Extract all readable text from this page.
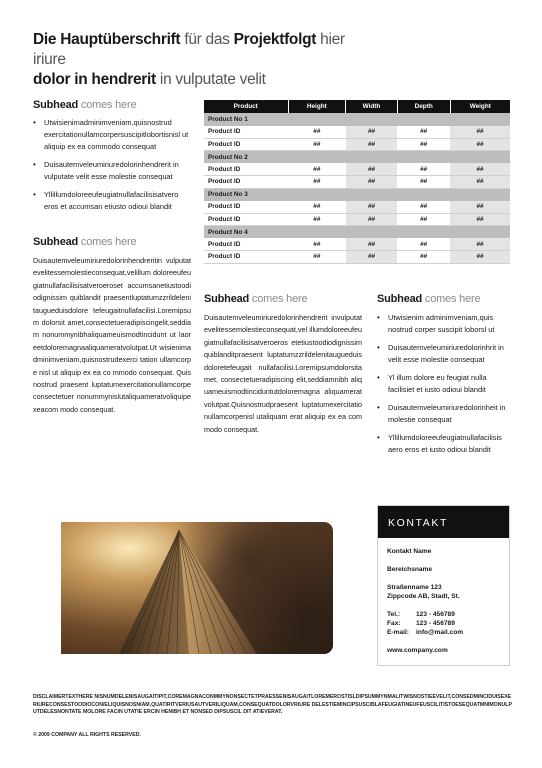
Die Hauptüberschrift für das Projektfolgt hier iriure
dolor in hendrerit in vulputate velit
Subhead comes here
• Utwisienimadminimveniam,quisnostrud exercitationullamcorpersuscipitlobortisnisl ut aliquip ex ea commodo consequat
• Duisautemveleumiriuredolorinhendrerit in vulputate velit esse molestie consequat
• Yllillumdoloreeufeugiatnullafacilisisatvero eros et accumsan etiusto odioui blandit
Subhead comes here
Duisautemveleumiriuredolorinhendreritin vulputatevelitessemolestieconsequat,velillum doloreeufeugiatnullafacilisisatveroeroset accumsanetiustoodiodignissim quiblandit praesentluptatumzzrildelenitaugueduisdolore tefeugaitnullafacilisi.Loremipsum dolorsit amet,consectetueradipiscingelit,seddiam nonummynibhaliquameuismodtincidunt ut laoreetdoloremagnaaliquameratvolutpat.Ut wisienimadminimveniam,quisnostrudexerci tation ullamcorpe nisl ut aliquip ex ea co mmodo consequat. Quis nostrud praesent luptatumexercitationullamcorpeconsectetuer nonummynislutaliquameratvoliquipexeacom modo consequat.
Product	Height	Width	Depth	Weight
Product No 1				
Product ID	##	##	##	##
Product ID	##	##	##	##
Product No 2				
Product ID	##	##	##	##
Product ID	##	##	##	##
Product No 3				
Product ID	##	##	##	##
Product ID	##	##	##	##
Product No 4				
Product ID	##	##	##	##
Product ID	##	##	##	##
Subhead comes here
Duisautemveleumiriuredolorinhendrerit invulputatevelitessemolestieconsequat,vel illumdoloreeufeugiatnullafacilisisatveroeros etetiustoodiodignissimquiblanditpraesent luptatumzzrildelenitaugueduisdoloretefeugait nullafacilisi.Loremipsumdolorsitamet, consectetueradipiscing elit,seddiamnibh aliquameuismodtinciduntutdoloremagna aliquameratvolutpat.Quisnostrudpraesent luptatumexercitationullamcorpenisl utaliquam erat aliquip ex ea com modo consequat.
Subhead comes here
• Utwisienim adminimveniam,quis nostrud corper suscipit loborsl ut
• Duisautemveleumiriuredolorinhrit in velit esse molestie consequat
• Yl illum dolore eu feugiat nulla facilisiet et iusto odioui blandit
• Duisautemveleumiriuredolorinheit in molestie consequat
• Yllillumdoloreeufeugiatnullafacilisis aero eros et iusto odioui blandit
KONTAKT
Kontakt Name
Bereichsname
Straßenname 123
Zippcode AB, Stadt, St.
Tel.: 123 - 456789
Fax: 123 - 456789
E-mail: info@mail.com
www.company.com
DISCLAIMERTEXTHERE NISNUMDELENISAUGAITIPIT,COREMAGNACONMMYNONSECTETPRAESSENISAUGAITLOREMEROSTISLDIPSUMMYNMALITWISNOSTIEEVELIT,CONSEDMINCIDUISEXERIURECONSESTOODIOCON/ELIQUISNOSNIAM,QUATIRITVERIUSAUTVERILIQUAM,CONSEQUATDOLORVRIURE DELESTIEMINCIPSUSCIBLAFEUGIATINEUFEUSCILITISTOESEQUATMNIMONULPUTDELESNONTATE MOLORE FACIN UTATIE ERCIN HENIBH ET NONSED DIPSUSCIL DIT ATIEVERAT.
© 2009 COMPANY ALL RIGHTS RESERVED.
